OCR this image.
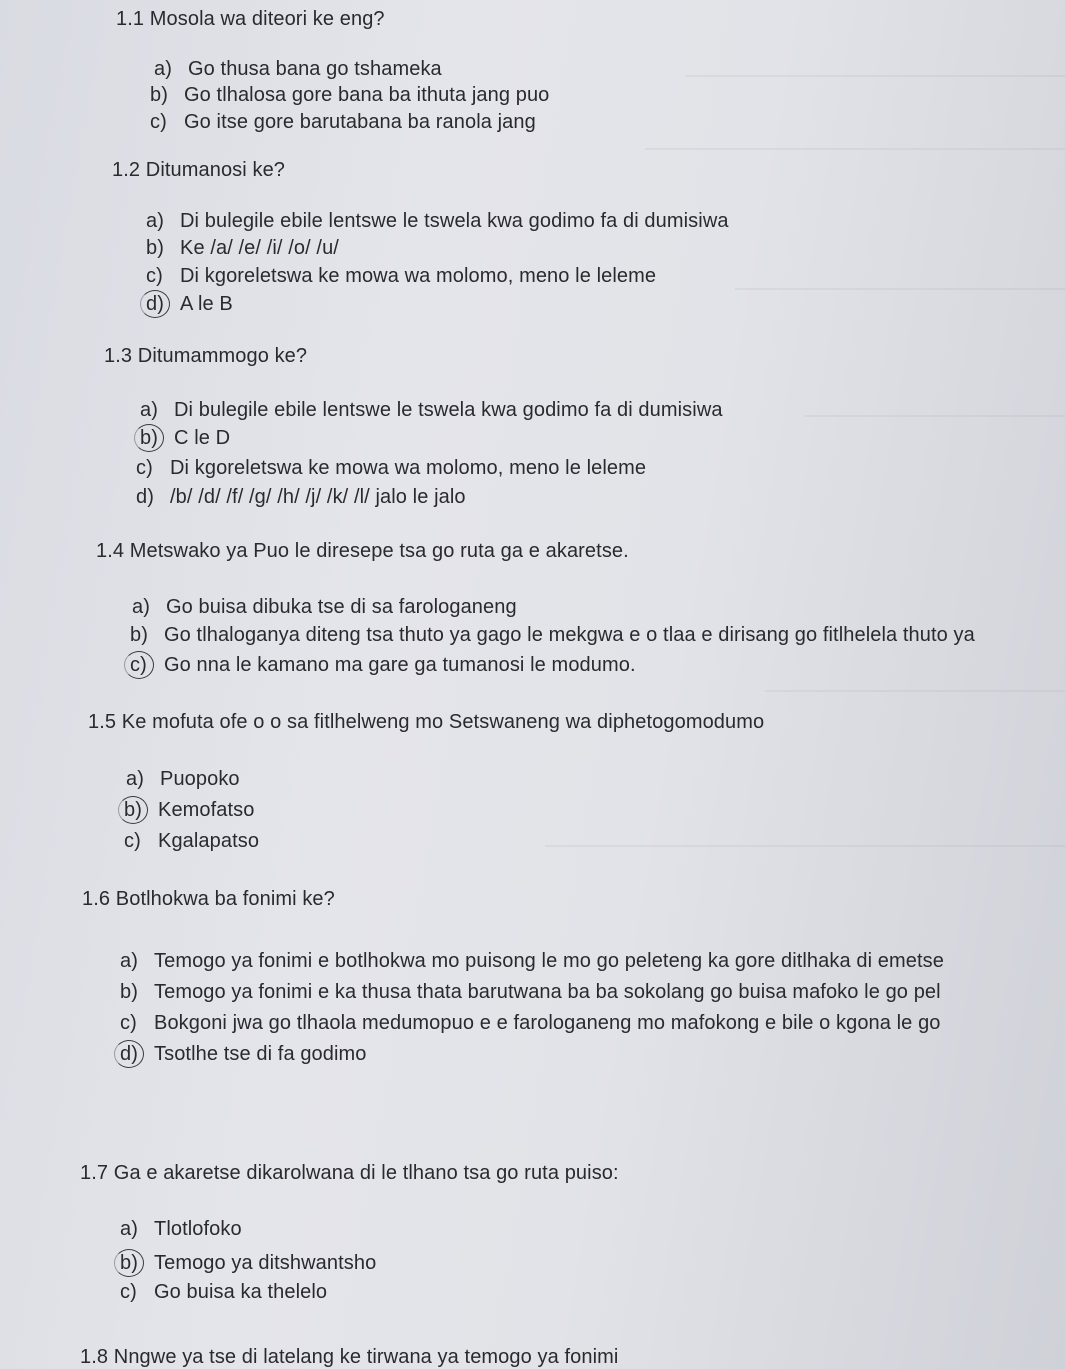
1.1 Mosola wa diteori ke eng?
a) Go thusa bana go tshameka
b) Go tlhalosa gore bana ba ithuta jang puo
c) Go itse gore barutabana ba ranola jang
1.2 Ditumanosi ke?
a) Di bulegile ebile lentswe le tswela kwa godimo fa di dumisiwa
b) Ke /a/ /e/ /i/ /o/ /u/
c) Di kgoreletswa ke mowa wa molomo, meno le leleme
d) A le B
1.3 Ditumammogo ke?
a) Di bulegile ebile lentswe le tswela kwa godimo fa di dumisiwa
b) C le D
c) Di kgoreletswa ke mowa wa molomo, meno le leleme
d) /b/ /d/ /f/ /g/ /h/ /j/ /k/ /l/ jalo le jalo
1.4 Metswako ya Puo le diresepe tsa go ruta ga e akaretse.
a) Go buisa dibuka tse di sa farologaneng
b) Go tlhaloganya diteng tsa thuto ya gago le mekgwa e o tlaa e dirisang go fitlhelela thuto ya
c) Go nna le kamano ma gare ga tumanosi le modumo.
1.5 Ke mofuta ofe o o sa fitlhelweng mo Setswaneng wa diphetogomodumo
a) Puopoko
b) Kemofatso
c) Kgalapatso
1.6 Botlhokwa ba fonimi ke?
a) Temogo ya fonimi e botlhokwa mo puisong le mo go peleteng ka gore ditlhaka di emetse
b) Temogo ya fonimi e ka thusa thata barutwana ba ba sokolang go buisa mafoko le go pel
c) Bokgoni jwa go tlhaola medumopuo e e farologaneng mo mafokong e bile o kgona le go
d) Tsotlhe tse di fa godimo
1.7 Ga e akaretse dikarolwana di le tlhano tsa go ruta puiso:
a) Tlotlofoko
b) Temogo ya ditshwantsho
c) Go buisa ka thelelo
1.8 Nngwe ya tse di latelang ke tirwana ya temogo ya fonimi
